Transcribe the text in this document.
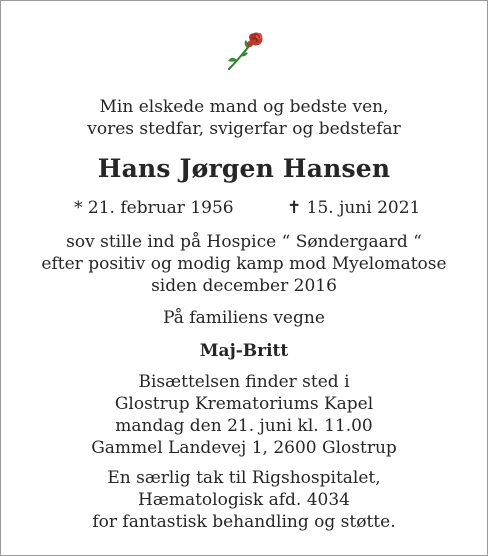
Min elskede mand og bedste ven,
vores stedfar, svigerfar og bedstefar
Hans Jørgen Hansen
* 21. februar 1956	✝ 15. juni 2021
sov stille ind på Hospice “ Søndergaard “
efter positiv og modig kamp mod Myelomatose
siden december 2016
På familiens vegne
Maj-Britt
Bisættelsen finder sted i
Glostrup Krematoriums Kapel
mandag den 21. juni kl. 11.00
Gammel Landevej 1, 2600 Glostrup
En særlig tak til Rigshospitalet,
Hæmatologisk afd. 4034
for fantastisk behandling og støtte.
